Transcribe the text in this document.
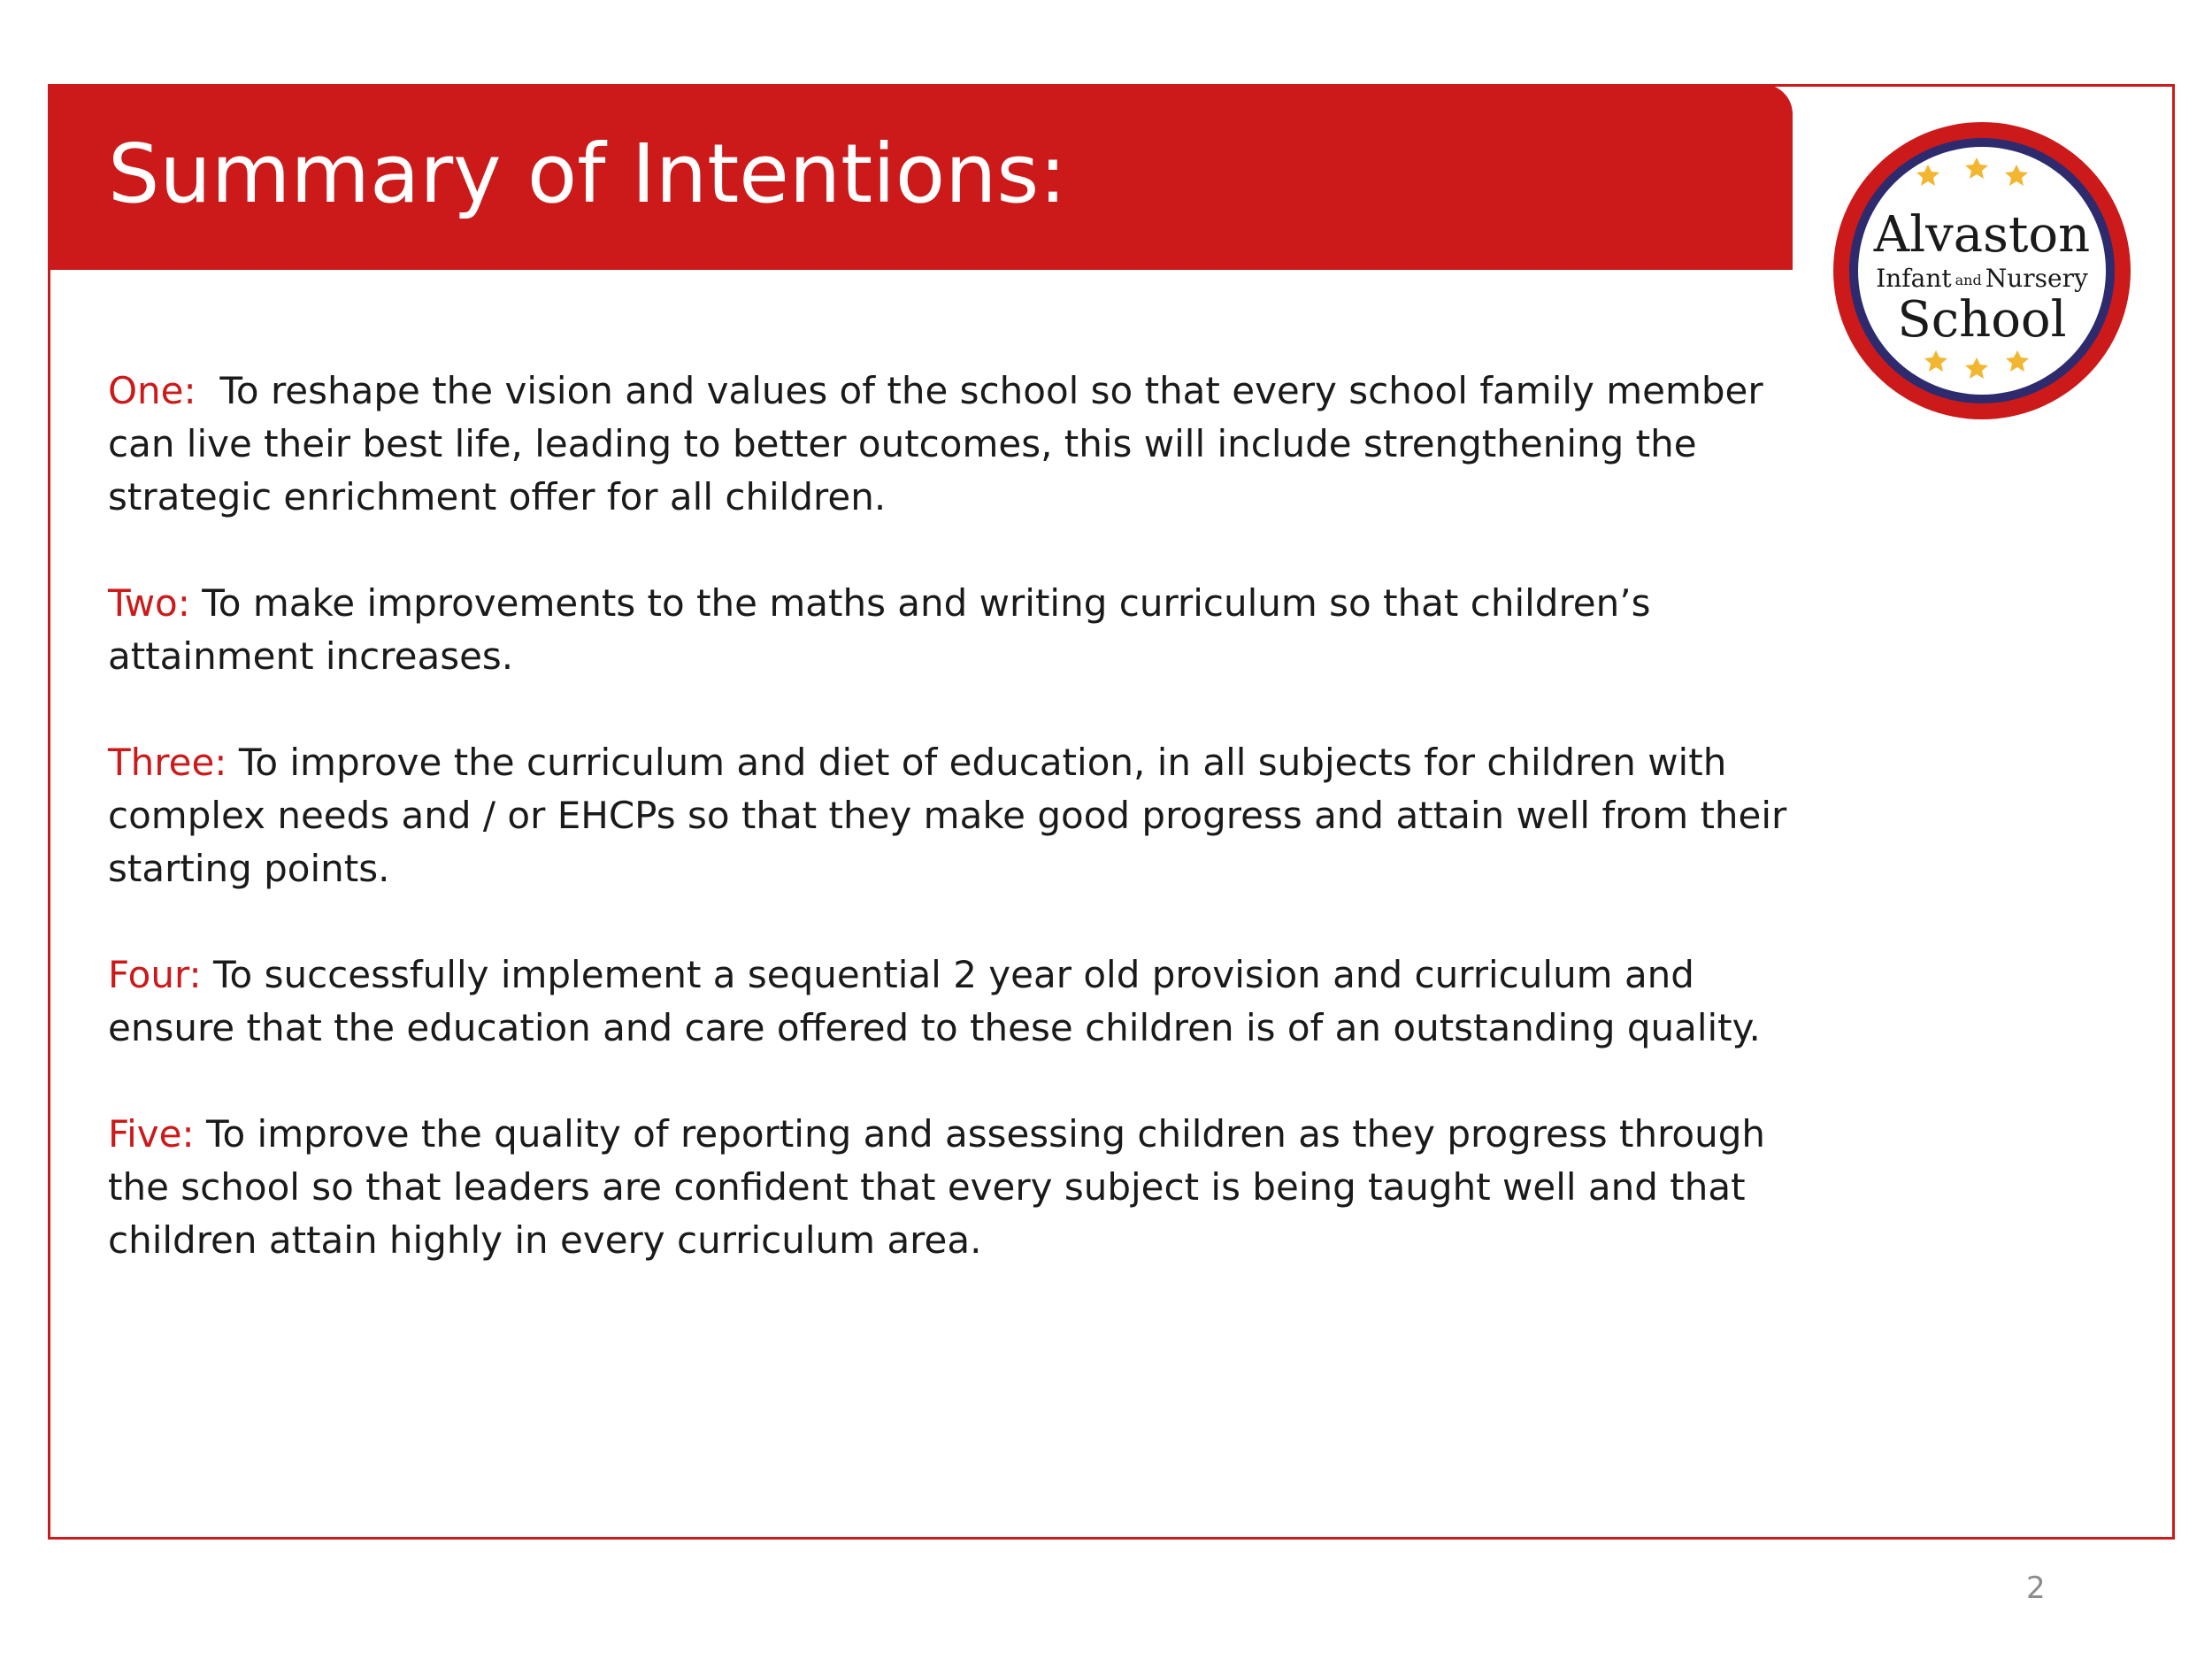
Summary of Intentions:
Alvaston
Infant and Nursery
School
One: To reshape the vision and values of the school so that every school family member can live their best life, leading to better outcomes, this will include strengthening the strategic enrichment offer for all children.
Two: To make improvements to the maths and writing curriculum so that children’s attainment increases.
Three: To improve the curriculum and diet of education, in all subjects for children with complex needs and / or EHCPs so that they make good progress and attain well from their starting points.
Four: To successfully implement a sequential 2 year old provision and curriculum and ensure that the education and care offered to these children is of an outstanding quality.
Five: To improve the quality of reporting and assessing children as they progress through the school so that leaders are confident that every subject is being taught well and that children attain highly in every curriculum area.
2
